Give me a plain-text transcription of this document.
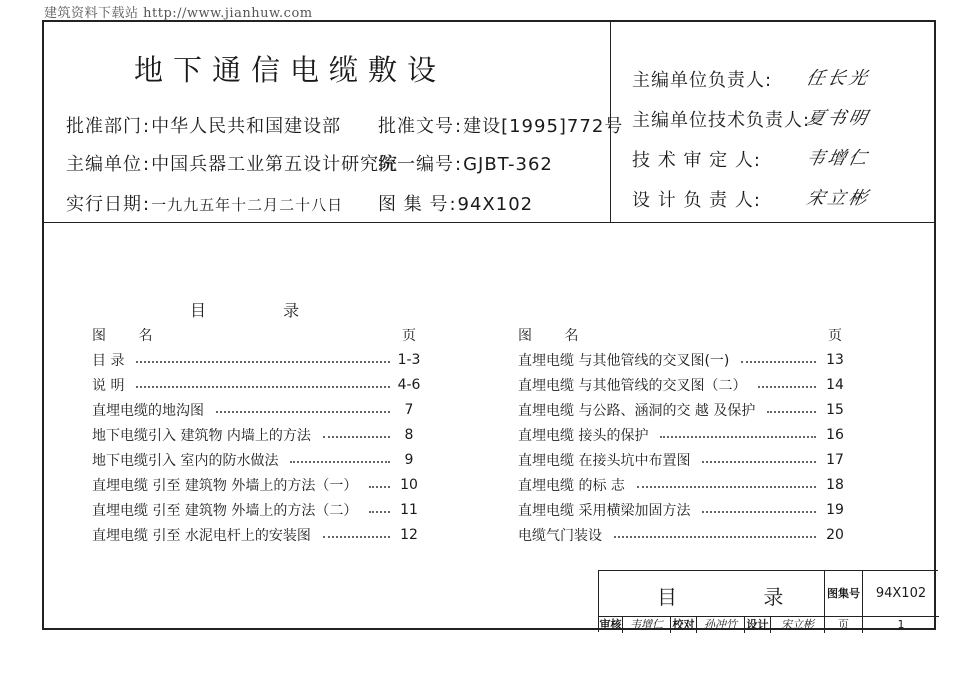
建筑资料下载站 http://www.jianhuw.com
地下通信电缆敷设
批准部门:中华人民共和国建设部 批准文号:建设[1995]772号
主编单位:中国兵器工业第五设计研究院
统一编号:GJBT-362
实行日期:一九九五年十二月二十八日 图 集 号:94X102
主编单位负责人: 任长光
主编单位技术负责人:
夏书明
技 术 审 定 人: 韦增仁
设 计 负 责 人: 宋立彬
目 录
图 名	页
目 录	1-3
说 明	4-6
直埋电缆的地沟图	7
地下电缆引入 建筑物 内墙上的方法	8
地下电缆引入 室内的防水做法	9
直埋电缆 引至 建筑物 外墙上的方法（一）	10
直埋电缆 引至 建筑物 外墙上的方法（二）	11
直埋电缆 引至 水泥电杆上的安装图	12
图 名	页
直埋电缆 与其他管线的交叉图(一)	13
直埋电缆 与其他管线的交叉图（二）	14
直埋电缆 与公路、涵洞的交 越 及保护	15
直埋电缆 接头的保护	16
直埋电缆 在接头坑中布置图	17
直埋电缆 的标 志	18
直埋电缆 采用横梁加固方法	19
电缆气门装设	20
目 录 图集号	94X102
审核 韦增仁 校对 孙冲竹 设计	宋立彬	页	1
